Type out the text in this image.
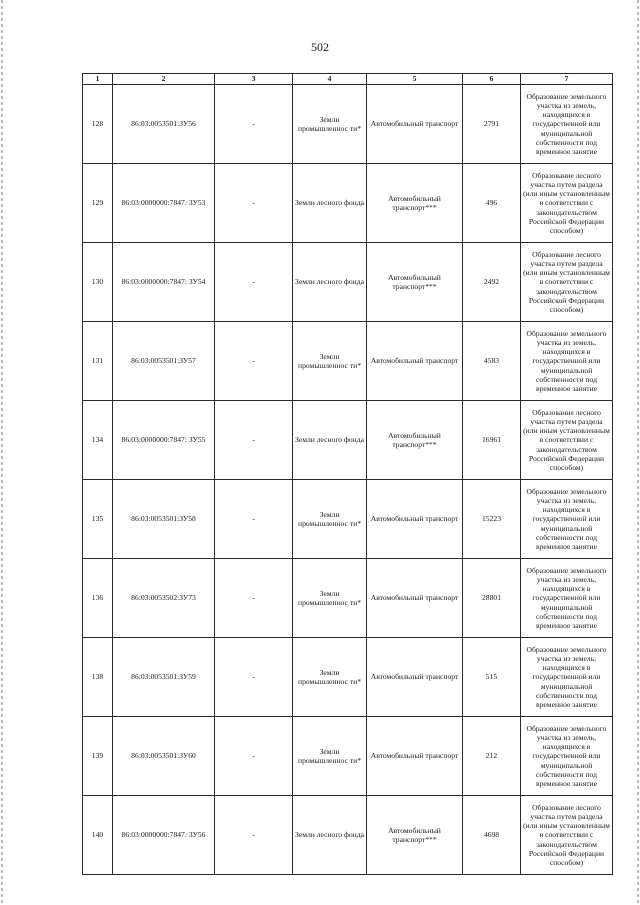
502
1	2	3	4	5	6	7
128	86:03:0053501:ЗУ56	-	Земли промышленнос ти*	Автомобильный транспорт	2791	Образование земельного участка из земель, находящихся в государственной или муниципальной собственности под временное занятие
129	86:03:0000000:7847: ЗУ53	-	Земли лесного фонда	Автомобильный транспорт***	496	Образование лесного участка путем раздела (или иным установленным в соответствии с законодательством Российской Федерации способом)
130	86:03:0000000:7847: ЗУ54	-	Земли лесного фонда	Автомобильный транспорт***	2492	Образование лесного участка путем раздела (или иным установленным в соответствии с законодательством Российской Федерации способом)
131	86:03:0053501:ЗУ57	-	Земли промышленнос ти*	Автомобильный транспорт	4583	Образование земельного участка из земель, находящихся в государственной или муниципальной собственности под временное занятие
134	86:03:0000000:7847: ЗУ55	-	Земли лесного фонда	Автомобильный транспорт***	16961	Образование лесного участка путем раздела (или иным установленным в соответствии с законодательством Российской Федерации способом)
135	86:03:0053501:ЗУ58	-	Земли промышленнос ти*	Автомобильный транспорт	15223	Образование земельного участка из земель, находящихся в государственной или муниципальной собственности под временное занятие
136	86:03:0053502:ЗУ73	-	Земли промышленнос ти*	Автомобильный транспорт	28801	Образование земельного участка из земель, находящихся в государственной или муниципальной собственности под временное занятие
138	86:03:0053501:ЗУ59	-	Земли промышленнос ти*	Автомобильный транспорт	515	Образование земельного участка из земель, находящихся в государственной или муниципальной собственности под временное занятие
139	86:03:0053501:ЗУ60	-	Земли промышленнос ти*	Автомобильный транспорт	212	Образование земельного участка из земель, находящихся в государственной или муниципальной собственности под временное занятие
140	86:03:0000000:7847: ЗУ56	-	Земли лесного фонда	Автомобильный транспорт***	4698	Образование лесного участка путем раздела (или иным установленным в соответствии с законодательством Российской Федерации способом)
